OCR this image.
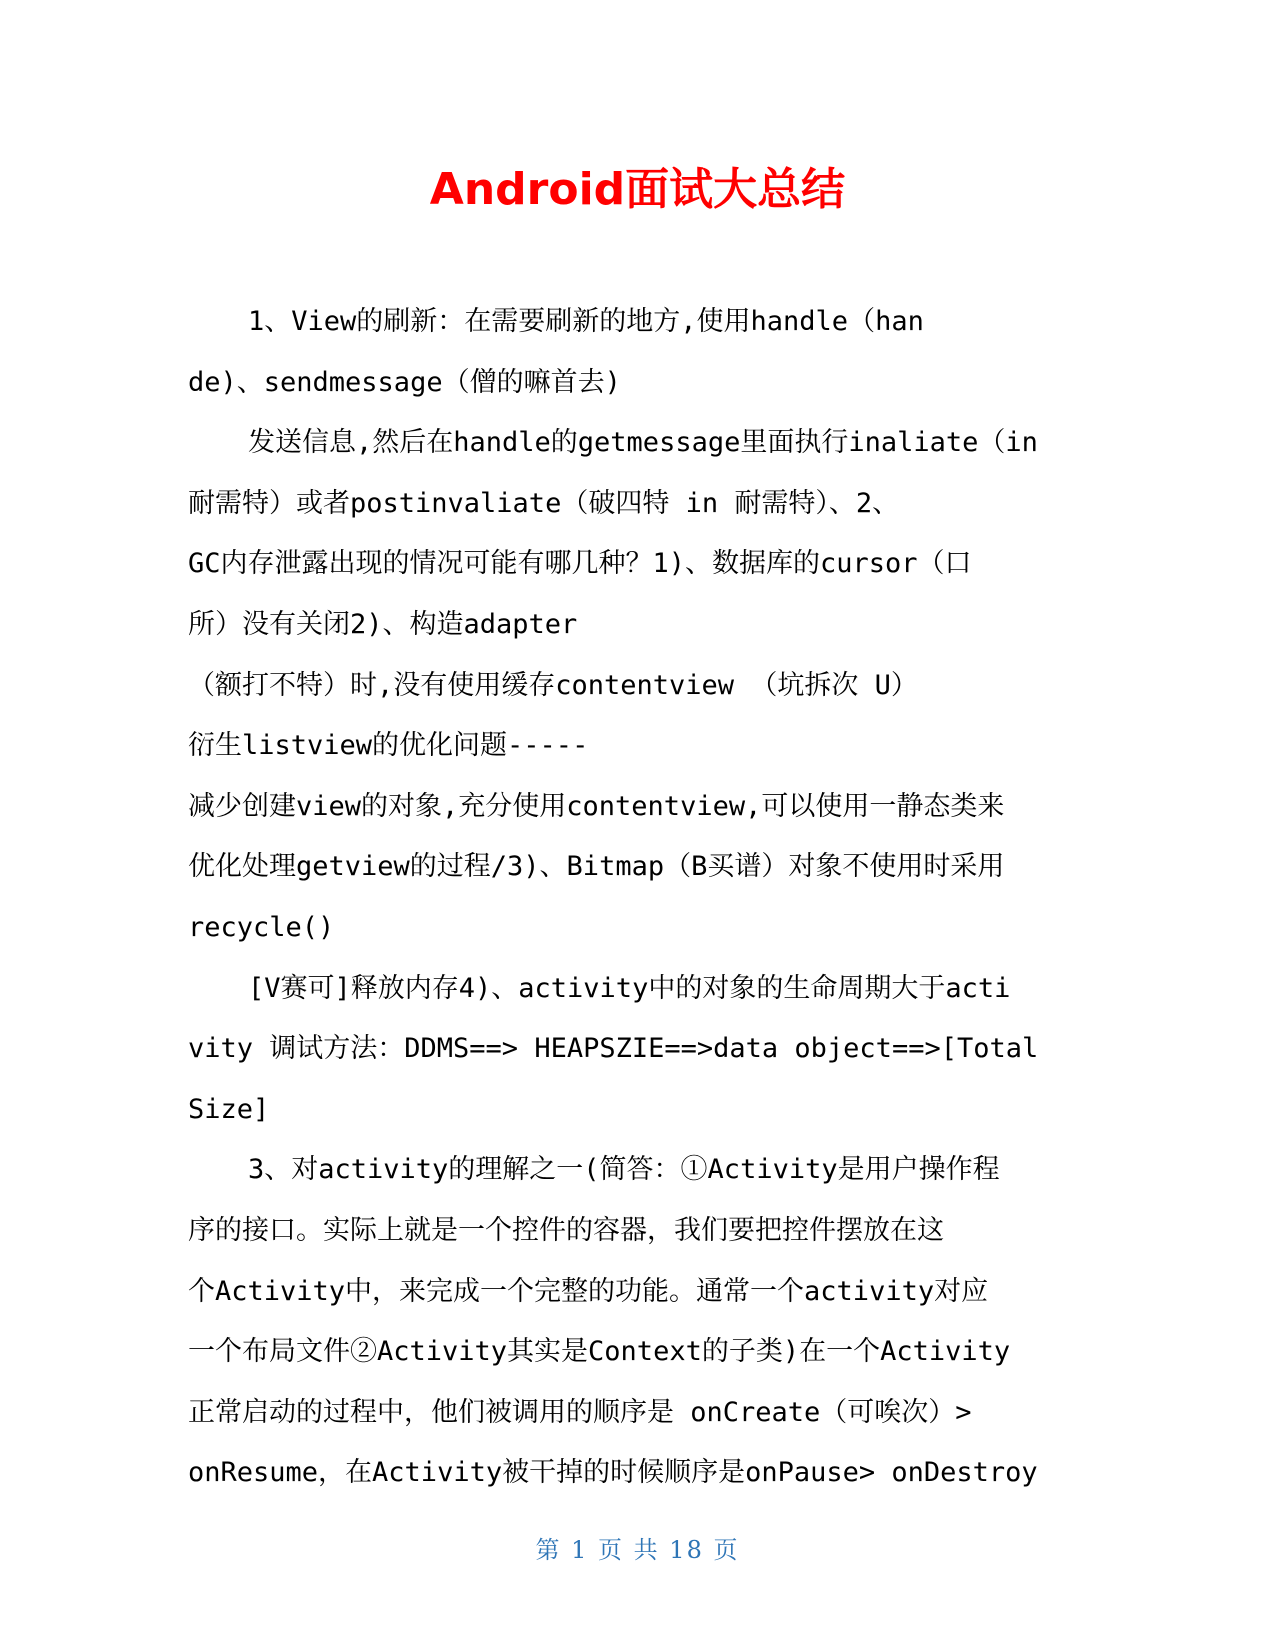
Android面试大总结
1、View的刷新：在需要刷新的地方,使用handle（han
de)、sendmessage（僧的嘛首去)
发送信息,然后在handle的getmessage里面执行inaliate（in
耐需特）或者postinvaliate（破四特 in 耐需特）、2、
GC内存泄露出现的情况可能有哪几种？1)、数据库的cursor（口
所）没有关闭2)、构造adapter
（额打不特）时,没有使用缓存contentview （坑拆次 U）
衍生listview的优化问题-----
减少创建view的对象,充分使用contentview,可以使用一静态类来
优化处理getview的过程/3)、Bitmap（B买谱）对象不使用时采用
recycle()
[V赛可]释放内存4)、activity中的对象的生命周期大于acti
vity 调试方法：DDMS==> HEAPSZIE==>data object==>[Total
Size]
3、对activity的理解之一(简答：①Activity是用户操作程
序的接口。实际上就是一个控件的容器，我们要把控件摆放在这
个Activity中，来完成一个完整的功能。通常一个activity对应
一个布局文件②Activity其实是Context的子类)在一个Activity
正常启动的过程中，他们被调用的顺序是 onCreate（可唉次）>
onResume，在Activity被干掉的时候顺序是onPause> onDestroy
第 1 页 共 18 页
